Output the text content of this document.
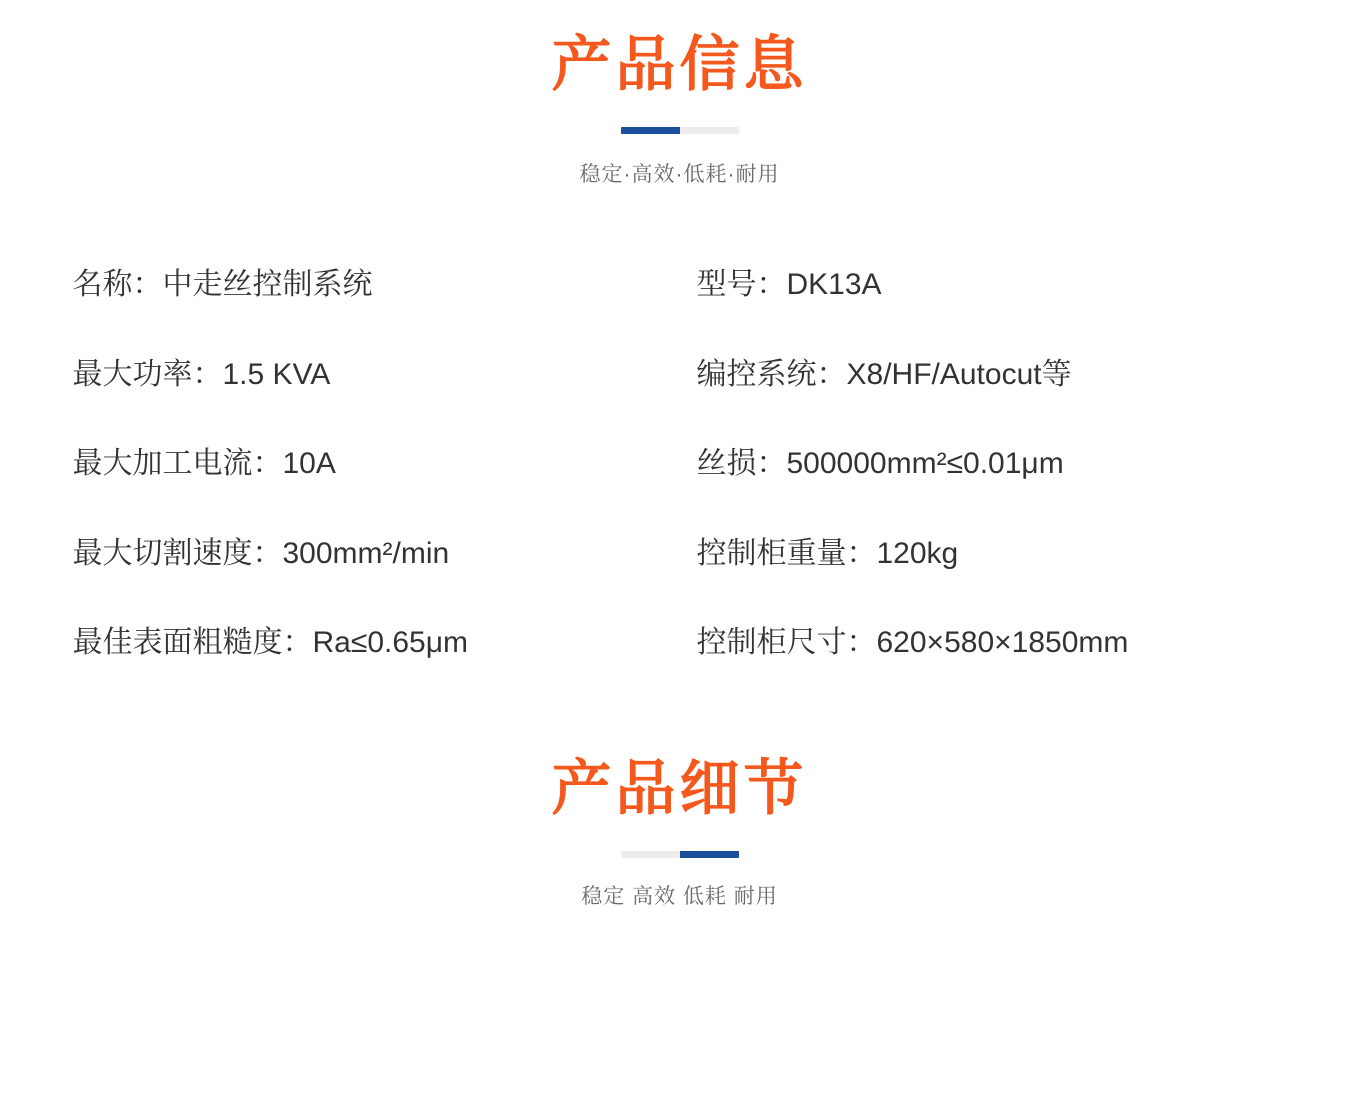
产品信息

稳定·高效·低耗·耐用

名称：中走丝控制系统
最大功率：1.5 KVA
最大加工电流：10A
最大切割速度：300mm²/min
最佳表面粗糙度：Ra≤0.65μm
型号：DK13A
编控系统：X8/HF/Autocut等
丝损：500000mm²≤0.01μm
控制柜重量：120kg
控制柜尺寸：620×580×1850mm
产品细节

稳定 高效 低耗 耐用
